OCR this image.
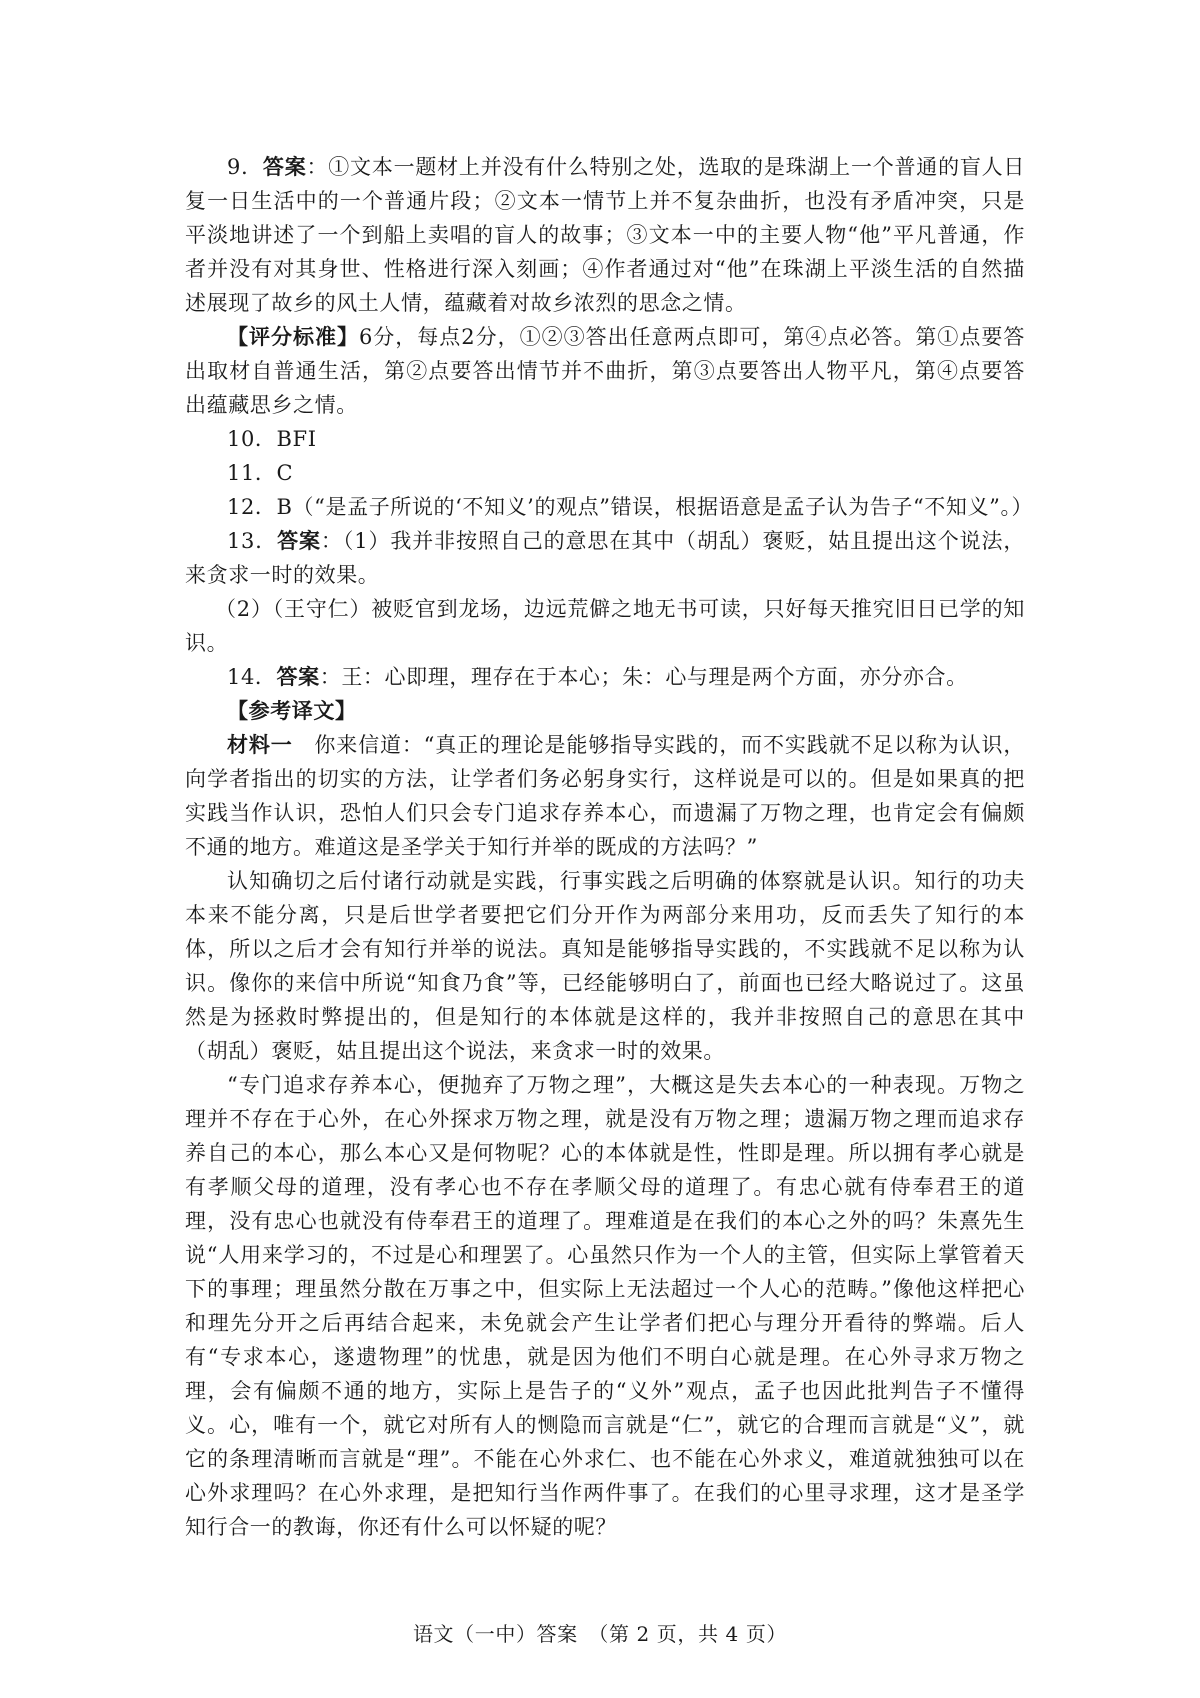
9．答案：①文本一题材上并没有什么特别之处，选取的是珠湖上一个普通的盲人日复一日生活中的一个普通片段；②文本一情节上并不复杂曲折，也没有矛盾冲突，只是平淡地讲述了一个到船上卖唱的盲人的故事；③文本一中的主要人物“他”平凡普通，作者并没有对其身世、性格进行深入刻画；④作者通过对“他”在珠湖上平淡生活的自然描述展现了故乡的风土人情，蕴藏着对故乡浓烈的思念之情。

【评分标准】6分，每点2分，①②③答出任意两点即可，第④点必答。第①点要答出取材自普通生活，第②点要答出情节并不曲折，第③点要答出人物平凡，第④点要答出蕴藏思乡之情。

10．BFI

11．C

12．B（“是孟子所说的‘不知义’的观点”错误，根据语意是孟子认为告子“不知义”。）

13．答案：（1）我并非按照自己的意思在其中（胡乱）褒贬，姑且提出这个说法，来贪求一时的效果。

（2）（王守仁）被贬官到龙场，边远荒僻之地无书可读，只好每天推究旧日已学的知识。

14．答案：王：心即理，理存在于本心；朱：心与理是两个方面，亦分亦合。

【参考译文】

材料一　 你来信道：“真正的理论是能够指导实践的，而不实践就不足以称为认识，向学者指出的切实的方法，让学者们务必躬身实行，这样说是可以的。但是如果真的把实践当作认识，恐怕人们只会专门追求存养本心，而遗漏了万物之理，也肯定会有偏颇不通的地方。难道这是圣学关于知行并举的既成的方法吗？”

认知确切之后付诸行动就是实践，行事实践之后明确的体察就是认识。知行的功夫本来不能分离，只是后世学者要把它们分开作为两部分来用功，反而丢失了知行的本体，所以之后才会有知行并举的说法。真知是能够指导实践的，不实践就不足以称为认识。像你的来信中所说“知食乃食”等，已经能够明白了，前面也已经大略说过了。这虽然是为拯救时弊提出的，但是知行的本体就是这样的，我并非按照自己的意思在其中（胡乱）褒贬，姑且提出这个说法，来贪求一时的效果。

“专门追求存养本心，便抛弃了万物之理”，大概这是失去本心的一种表现。万物之理并不存在于心外，在心外探求万物之理，就是没有万物之理；遗漏万物之理而追求存养自己的本心，那么本心又是何物呢？心的本体就是性，性即是理。所以拥有孝心就是有孝顺父母的道理，没有孝心也不存在孝顺父母的道理了。有忠心就有侍奉君王的道理，没有忠心也就没有侍奉君王的道理了。理难道是在我们的本心之外的吗？朱熹先生说“人用来学习的，不过是心和理罢了。心虽然只作为一个人的主管，但实际上掌管着天下的事理；理虽然分散在万事之中，但实际上无法超过一个人心的范畴。”像他这样把心和理先分开之后再结合起来，未免就会产生让学者们把心与理分开看待的弊端。后人有“专求本心，遂遗物理”的忧患，就是因为他们不明白心就是理。在心外寻求万物之理，会有偏颇不通的地方，实际上是告子的“义外”观点，孟子也因此批判告子不懂得义。心，唯有一个，就它对所有人的恻隐而言就是“仁”，就它的合理而言就是“义”，就它的条理清晰而言就是“理”。不能在心外求仁、也不能在心外求义，难道就独独可以在心外求理吗？在心外求理，是把知行当作两件事了。在我们的心里寻求理，这才是圣学知行合一的教诲，你还有什么可以怀疑的呢？

语文（一中）答案　（第 2 页，共 4 页）
